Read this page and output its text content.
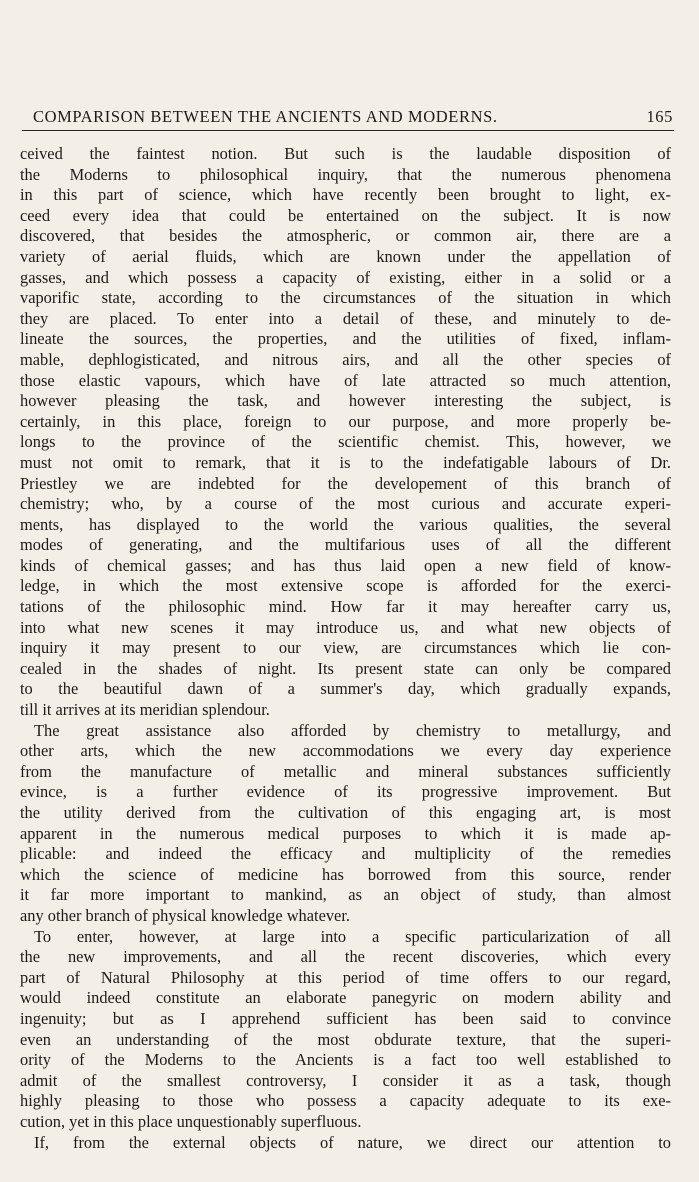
COMPARISON BETWEEN THE ANCIENTS AND MODERNS.	165
ceived the faintest notion. But such is the laudable disposition of
the Moderns to philosophical inquiry, that the numerous phenomena
in this part of science, which have recently been brought to light, ex-
ceed every idea that could be entertained on the subject. It is now
discovered, that besides the atmospheric, or common air, there are a
variety of aerial fluids, which are known under the appellation of
gasses, and which possess a capacity of existing, either in a solid or a
vaporific state, according to the circumstances of the situation in which
they are placed. To enter into a detail of these, and minutely to de-
lineate the sources, the properties, and the utilities of fixed, inflam-
mable, dephlogisticated, and nitrous airs, and all the other species of
those elastic vapours, which have of late attracted so much attention,
however pleasing the task, and however interesting the subject, is
certainly, in this place, foreign to our purpose, and more properly be-
longs to the province of the scientific chemist. This, however, we
must not omit to remark, that it is to the indefatigable labours of Dr.
Priestley we are indebted for the developement of this branch of
chemistry; who, by a course of the most curious and accurate experi-
ments, has displayed to the world the various qualities, the several
modes of generating, and the multifarious uses of all the different
kinds of chemical gasses; and has thus laid open a new field of know-
ledge, in which the most extensive scope is afforded for the exerci-
tations of the philosophic mind. How far it may hereafter carry us,
into what new scenes it may introduce us, and what new objects of
inquiry it may present to our view, are circumstances which lie con-
cealed in the shades of night. Its present state can only be compared
to the beautiful dawn of a summer's day, which gradually expands,
till it arrives at its meridian splendour.
The great assistance also afforded by chemistry to metallurgy, and
other arts, which the new accommodations we every day experience
from the manufacture of metallic and mineral substances sufficiently
evince, is a further evidence of its progressive improvement. But
the utility derived from the cultivation of this engaging art, is most
apparent in the numerous medical purposes to which it is made ap-
plicable: and indeed the efficacy and multiplicity of the remedies
which the science of medicine has borrowed from this source, render
it far more important to mankind, as an object of study, than almost
any other branch of physical knowledge whatever.
To enter, however, at large into a specific particularization of all
the new improvements, and all the recent discoveries, which every
part of Natural Philosophy at this period of time offers to our regard,
would indeed constitute an elaborate panegyric on modern ability and
ingenuity; but as I apprehend sufficient has been said to convince
even an understanding of the most obdurate texture, that the superi-
ority of the Moderns to the Ancients is a fact too well established to
admit of the smallest controversy, I consider it as a task, though
highly pleasing to those who possess a capacity adequate to its exe-
cution, yet in this place unquestionably superfluous.
If, from the external objects of nature, we direct our attention to
